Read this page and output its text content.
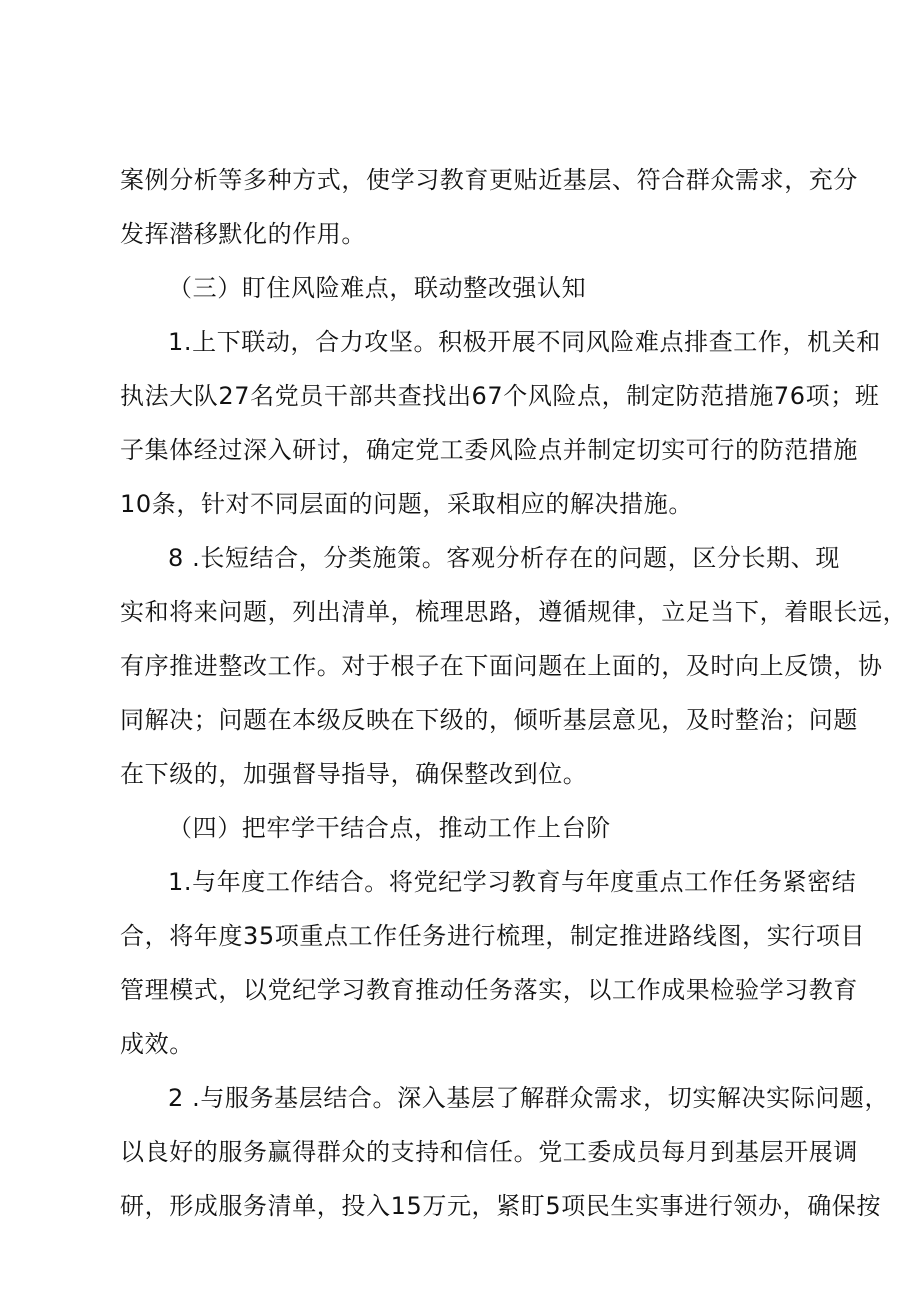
案例分析等多种方式，使学习教育更贴近基层、符合群众需求，充分
发挥潜移默化的作用。
（三）盯住风险难点，联动整改强认知
1.上下联动，合力攻坚。积极开展不同风险难点排查工作，机关和
执法大队27名党员干部共查找出67个风险点，制定防范措施76项；班
子集体经过深入研讨，确定党工委风险点并制定切实可行的防范措施
10条，针对不同层面的问题，采取相应的解决措施。
8 .长短结合，分类施策。客观分析存在的问题，区分长期、现
实和将来问题，列出清单，梳理思路，遵循规律，立足当下，着眼长远，
有序推进整改工作。对于根子在下面问题在上面的，及时向上反馈，协
同解决；问题在本级反映在下级的，倾听基层意见，及时整治；问题
在下级的，加强督导指导，确保整改到位。
（四）把牢学干结合点，推动工作上台阶
1.与年度工作结合。将党纪学习教育与年度重点工作任务紧密结
合，将年度35项重点工作任务进行梳理，制定推进路线图，实行项目
管理模式，以党纪学习教育推动任务落实，以工作成果检验学习教育
成效。
2 .与服务基层结合。深入基层了解群众需求，切实解决实际问题，
以良好的服务赢得群众的支持和信任。党工委成员每月到基层开展调
研，形成服务清单，投入15万元，紧盯5项民生实事进行领办，确保按
